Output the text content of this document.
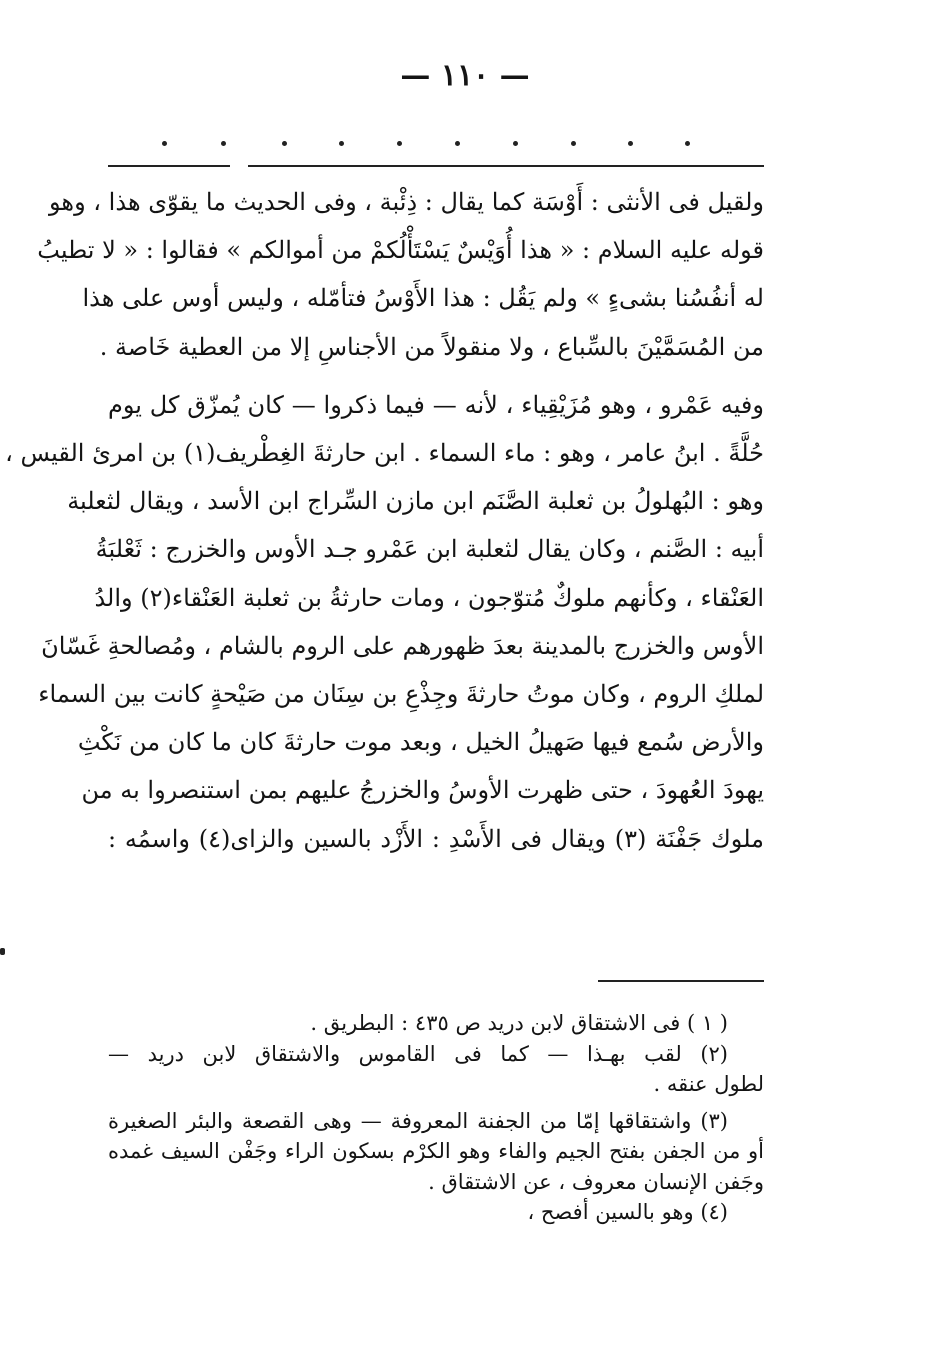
— ١١٠ —
ولقيل فى الأنثى : أَوْسَة كما يقال : ذِئْبة ، وفى الحديث ما يقوّى هذا ، وهو
قوله عليه السلام : « هذا أُوَيْسٌ يَسْتَأْلُكمْ من أموالكم » فقالوا : « لا تطيبُ
له أنفُسُنا بشىءٍ » ولم يَقُل : هذا الأَوْسُ فتأمّله ، وليس أوس على هذا
من المُسَمَّيْنَ بالسِّباع ، ولا منقولاً من الأجناسِ إلا من العطية خَاصة .
وفيه عَمْرو ، وهو مُزَيْقِياء ، لأنه — فيما ذكروا — كان يُمزّق كل يوم
حُلَّةً . ابنُ عامر ، وهو : ماء السماء . ابن حارثةَ الغِطْريف(١) بن امرئ القيس ،
وهو : البُهلولُ بن ثعلبة الصَّنَم ابن مازن السِّراج ابن الأسد ، ويقال لثعلبة
أبيه : الصَّنم ، وكان يقال لثعلبة ابن عَمْرو جـد الأوس والخزرج : ثَعْلبَةُ
العَنْقاء ، وكأنهم ملوكٌ مُتوّجون ، ومات حارثةُ بن ثعلبة العَنْقاء(٢) والدُ
الأوس والخزرج بالمدينة بعدَ ظهورهم على الروم بالشام ، ومُصالحةِ غَسّانَ
لملكِ الروم ، وكان موتُ حارثةَ وجِذْعِ بن سِنَان من صَيْحةٍ كانت بين السماء
والأرض سُمع فيها صَهيلُ الخيل ، وبعد موت حارثةَ كان ما كان من نَكْثِ
يهودَ العُهودَ ، حتى ظهرت الأوسُ والخزرجُ عليهم بمن استنصروا به من
ملوك جَفْنَة (٣) ويقال فى الأَسْدِ : الأَزْد بالسين والزاى(٤) واسمُه :
( ١ ) فى الاشتقاق لابن دريد ص ٤٣٥ : البطريق .
(٢) لقب بهـذا — كما فى القاموس والاشتقاق لابن دريد —
لطول عنقه .
(٣) واشتقاقها إمّا من الجفنة المعروفة — وهى القصعة والبئر الصغيرة
أو من الجفن بفتح الجيم والفاء وهو الكرْم بسكون الراء وجَفْن السيف غمده
وجَفن الإنسان معروف ، عن الاشتقاق .
(٤) وهو بالسين أفصح ،
